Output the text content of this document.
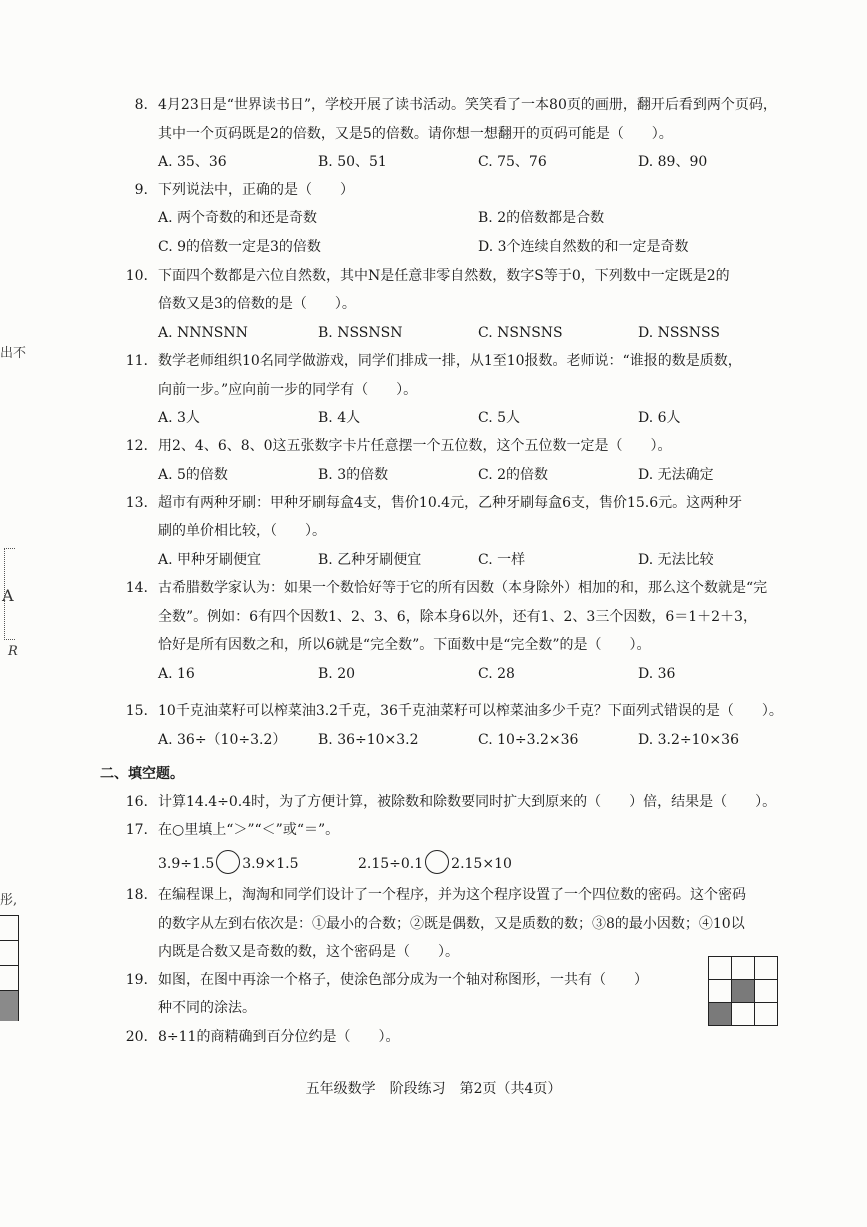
出不
A
R
彤,
8. 4月23日是“世界读书日”，学校开展了读书活动。笑笑看了一本80页的画册，翻开后看到两个页码，
其中一个页码既是2的倍数，又是5的倍数。请你想一想翻开的页码可能是（　　）。
A. 35、36	B. 50、51	C. 75、76	D. 89、90
9. 下列说法中，正确的是（　　）
A. 两个奇数的和还是奇数	B. 2的倍数都是合数
C. 9的倍数一定是3的倍数	D. 3个连续自然数的和一定是奇数
10. 下面四个数都是六位自然数，其中N是任意非零自然数，数字S等于0，下列数中一定既是2的
倍数又是3的倍数的是（　　）。
A. NNNSNN	B. NSSNSN	C. NSNSNS	D. NSSNSS
11. 数学老师组织10名同学做游戏，同学们排成一排，从1至10报数。老师说：“谁报的数是质数，
向前一步。”应向前一步的同学有（　　）。
A. 3人	B. 4人	C. 5人	D. 6人
12. 用2、4、6、8、0这五张数字卡片任意摆一个五位数，这个五位数一定是（　　）。
A. 5的倍数	B. 3的倍数	C. 2的倍数	D. 无法确定
13. 超市有两种牙刷：甲种牙刷每盒4支，售价10.4元，乙种牙刷每盒6支，售价15.6元。这两种牙
刷的单价相比较，（　　）。
A. 甲种牙刷便宜	B. 乙种牙刷便宜	C. 一样	D. 无法比较
14. 古希腊数学家认为：如果一个数恰好等于它的所有因数（本身除外）相加的和，那么这个数就是“完
全数”。例如：6有四个因数1、2、3、6，除本身6以外，还有1、2、3三个因数，6＝1＋2＋3，
恰好是所有因数之和，所以6就是“完全数”。下面数中是“完全数”的是（　　）。
A. 16	B. 20	C. 28	D. 36
15. 10千克油菜籽可以榨菜油3.2千克，36千克油菜籽可以榨菜油多少千克？下面列式错误的是（　　）。
A. 36÷（10÷3.2） B. 36÷10×3.2	C. 10÷3.2×36	D. 3.2÷10×36
二、填空题。
16. 计算14.4÷0.4时，为了方便计算，被除数和除数要同时扩大到原来的（　　）倍，结果是（　　）。
17. 在○里填上“＞”“＜”或“＝”。
3.9÷1.5 3.9×1.5	2.15÷0.1 2.15×10
18. 在编程课上，淘淘和同学们设计了一个程序，并为这个程序设置了一个四位数的密码。这个密码
的数字从左到右依次是：①最小的合数；②既是偶数，又是质数的数；③8的最小因数；④10以
内既是合数又是奇数的数，这个密码是（　　）。
19. 如图，在图中再涂一个格子，使涂色部分成为一个轴对称图形，一共有（　　）
种不同的涂法。

20. 8÷11的商精确到百分位约是（　　）。
五年级数学　阶段练习　第2页（共4页）
